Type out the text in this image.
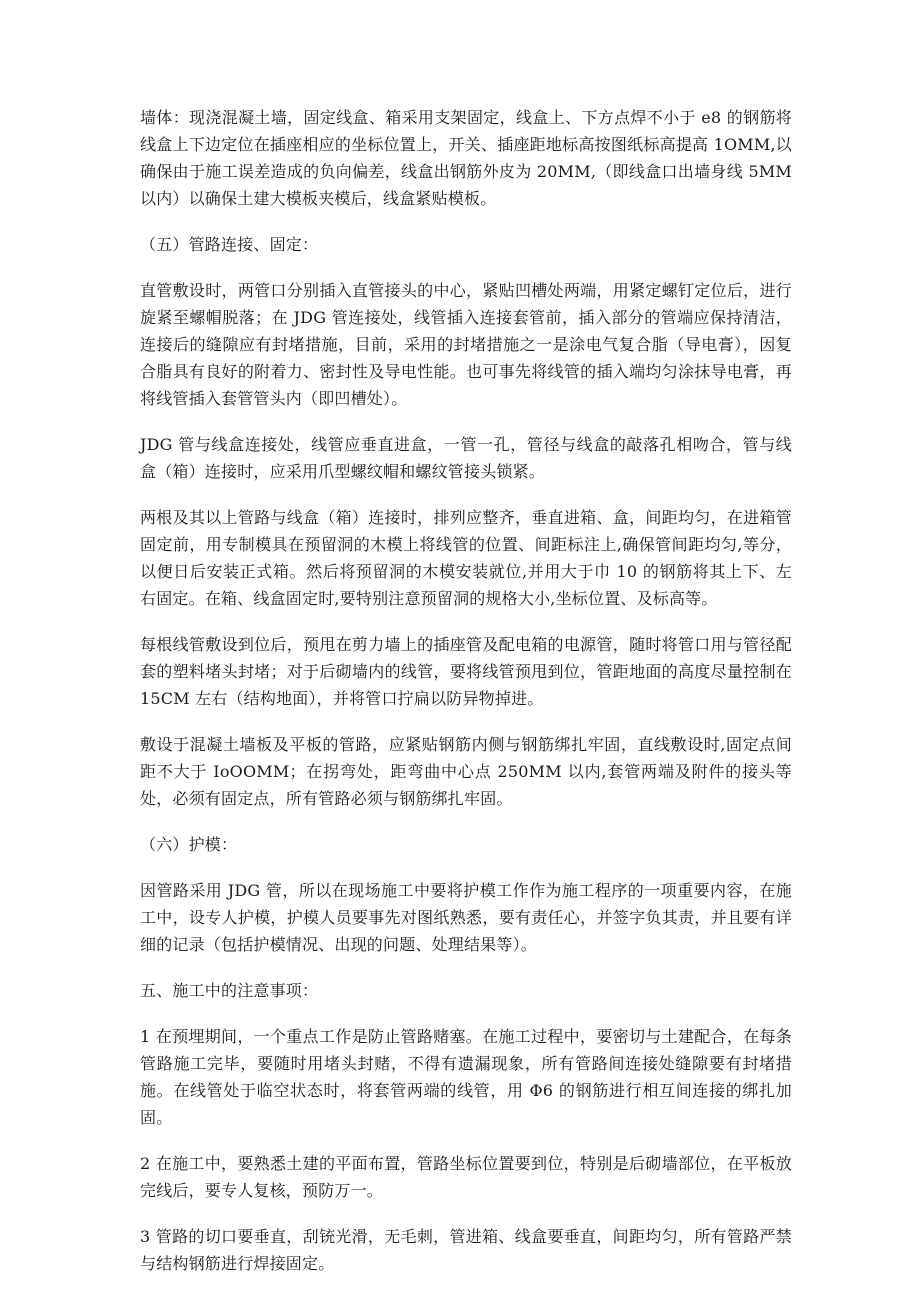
墙体：现浇混凝土墙，固定线盒、箱采用支架固定，线盒上、下方点焊不小于 e8 的钢筋将线盒上下边定位在插座相应的坐标位置上，开关、插座距地标高按图纸标高提高 1OMM,以确保由于施工误差造成的负向偏差，线盒出钢筋外皮为 20MM,（即线盒口出墙身线 5MM 以内）以确保土建大模板夹模后，线盒紧贴模板。

（五）管路连接、固定：

直管敷设时，两管口分别插入直管接头的中心，紧贴凹槽处两端，用紧定螺钉定位后，进行旋紧至螺帽脱落；在 JDG 管连接处，线管插入连接套管前，插入部分的管端应保持清洁，连接后的缝隙应有封堵措施，目前，采用的封堵措施之一是涂电气复合脂（导电膏），因复合脂具有良好的附着力、密封性及导电性能。也可事先将线管的插入端均匀涂抹导电膏，再将线管插入套管管头内（即凹槽处）。

JDG 管与线盒连接处，线管应垂直进盒，一管一孔，管径与线盒的敲落孔相吻合，管与线盒（箱）连接时，应采用爪型螺纹帽和螺纹管接头锁紧。

两根及其以上管路与线盒（箱）连接时，排列应整齐，垂直进箱、盒，间距均匀，在进箱管固定前，用专制模具在预留洞的木模上将线管的位置、间距标注上,确保管间距均匀,等分，以便日后安装正式箱。然后将预留洞的木模安装就位,并用大于巾 10 的钢筋将其上下、左右固定。在箱、线盒固定时,要特别注意预留洞的规格大小,坐标位置、及标高等。

每根线管敷设到位后，预甩在剪力墙上的插座管及配电箱的电源管，随时将管口用与管径配套的塑料堵头封堵；对于后砌墙内的线管，要将线管预甩到位，管距地面的高度尽量控制在 15CM 左右（结构地面），并将管口拧扁以防异物掉进。

敷设于混凝土墙板及平板的管路，应紧贴钢筋内侧与钢筋绑扎牢固，直线敷设时,固定点间距不大于 IoOOMM；在拐弯处，距弯曲中心点 250MM 以内,套管两端及附件的接头等处，必须有固定点，所有管路必须与钢筋绑扎牢固。

（六）护模：

因管路采用 JDG 管，所以在现场施工中要将护模工作作为施工程序的一项重要内容，在施工中，设专人护模，护模人员要事先对图纸熟悉，要有责任心，并签字负其责，并且要有详细的记录（包括护模情况、出现的问题、处理结果等）。

五、施工中的注意事项：

1 在预埋期间，一个重点工作是防止管路赌塞。在施工过程中，要密切与土建配合，在每条管路施工完毕，要随时用堵头封赌，不得有遗漏现象，所有管路间连接处缝隙要有封堵措施。在线管处于临空状态时，将套管两端的线管，用 Φ6 的钢筋进行相互间连接的绑扎加固。

2 在施工中，要熟悉土建的平面布置，管路坐标位置要到位，特别是后砌墙部位，在平板放完线后，要专人复核，预防万一。

3 管路的切口要垂直，刮铳光滑，无毛刺，管进箱、线盒要垂直，间距均匀，所有管路严禁与结构钢筋进行焊接固定。
